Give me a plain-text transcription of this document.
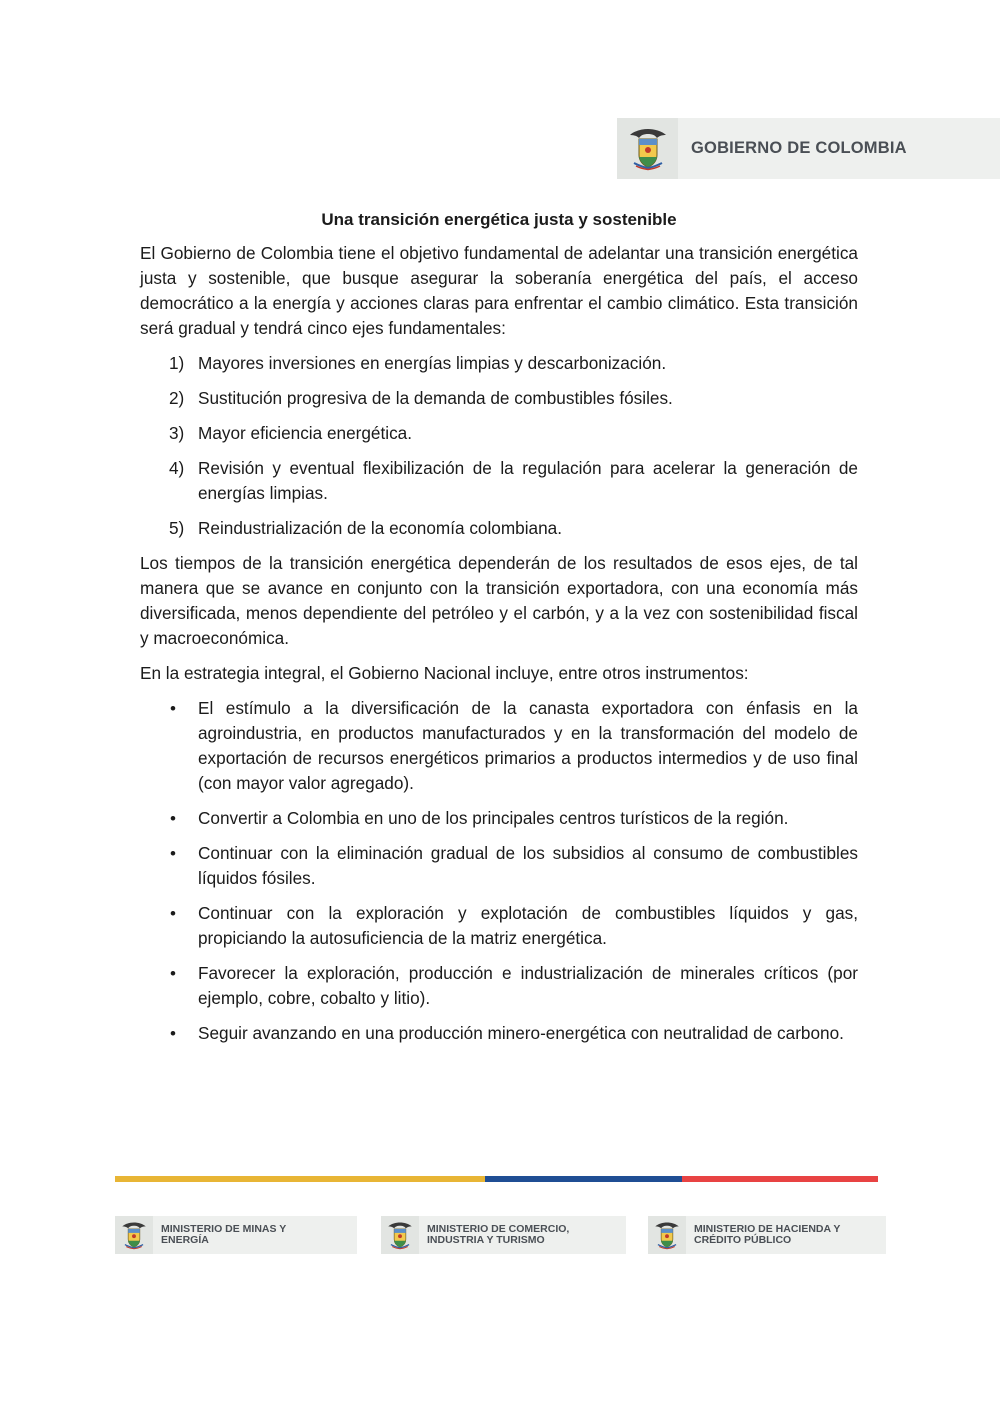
GOBIERNO DE COLOMBIA
Una transición energética justa y sostenible

El Gobierno de Colombia tiene el objetivo fundamental de adelantar una transición energética justa y sostenible, que busque asegurar la soberanía energética del país, el acceso democrático a la energía y acciones claras para enfrentar el cambio climático. Esta transición será gradual y tendrá cinco ejes fundamentales:

1) Mayores inversiones en energías limpias y descarbonización.
2) Sustitución progresiva de la demanda de combustibles fósiles.
3) Mayor eficiencia energética.
4) Revisión y eventual flexibilización de la regulación para acelerar la generación de energías limpias.
5) Reindustrialización de la economía colombiana.

Los tiempos de la transición energética dependerán de los resultados de esos ejes, de tal manera que se avance en conjunto con la transición exportadora, con una economía más diversificada, menos dependiente del petróleo y el carbón, y a la vez con sostenibilidad fiscal y macroeconómica.

En la estrategia integral, el Gobierno Nacional incluye, entre otros instrumentos:

•	El estímulo a la diversificación de la canasta exportadora con énfasis en la agroindustria, en productos manufacturados y en la transformación del modelo de exportación de recursos energéticos primarios a productos intermedios y de uso final (con mayor valor agregado).
•	Convertir a Colombia en uno de los principales centros turísticos de la región.
•	Continuar con la eliminación gradual de los subsidios al consumo de combustibles líquidos fósiles.
•	Continuar con la exploración y explotación de combustibles líquidos y gas, propiciando la autosuficiencia de la matriz energética.
•	Favorecer la exploración, producción e industrialización de minerales críticos (por ejemplo, cobre, cobalto y litio).
•	Seguir avanzando en una producción minero-energética con neutralidad de carbono.
MINISTERIO DE MINAS Y
ENERGÍA
MINISTERIO DE COMERCIO,
INDUSTRIA Y TURISMO
MINISTERIO DE HACIENDA Y
CRÉDITO PÚBLICO
